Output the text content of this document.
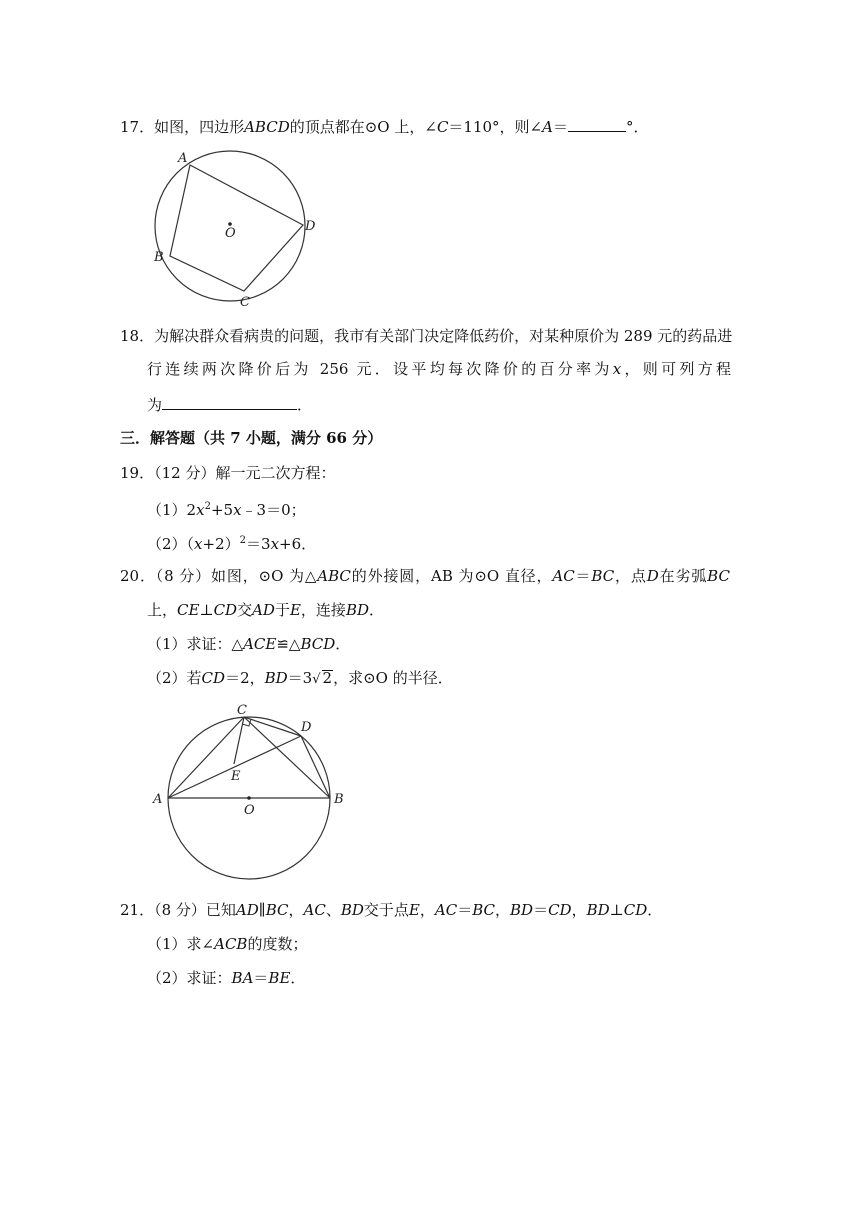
17．如图，四边形ABCD的顶点都在⊙O 上，∠C＝110°，则∠A＝	°．
A
D
B
C
O
18．为解决群众看病贵的问题，我市有关部门决定降低药价，对某种原价为 289 元的药品进
行连续两次降价后为 256 元．设平均每次降价的百分率为x，则可列方程
为	．
三．解答题（共 7 小题，满分 66 分）
19．（12 分）解一元二次方程：
$(1)2x^2+5x﹣3=0$；
$(2)(x+2)^2=3x+6$．
20．（8 分）如图，⊙O 为△ABC的外接圆，AB 为⊙O 直径，AC＝BC，点D在劣弧BC
上，CE⊥CD交AD于E，连接BD．
（1）求证：△ACE≌△BCD．
（2）若CD＝2，BD＝3√ 2，求⊙O 的半径．
C
D
E
A	B
O
21．（8 分）已知AD∥BC，AC、BD交于点E，AC＝BC，BD＝CD，BD⊥CD．
（1）求∠ACB的度数；
（2）求证：BA＝BE．
